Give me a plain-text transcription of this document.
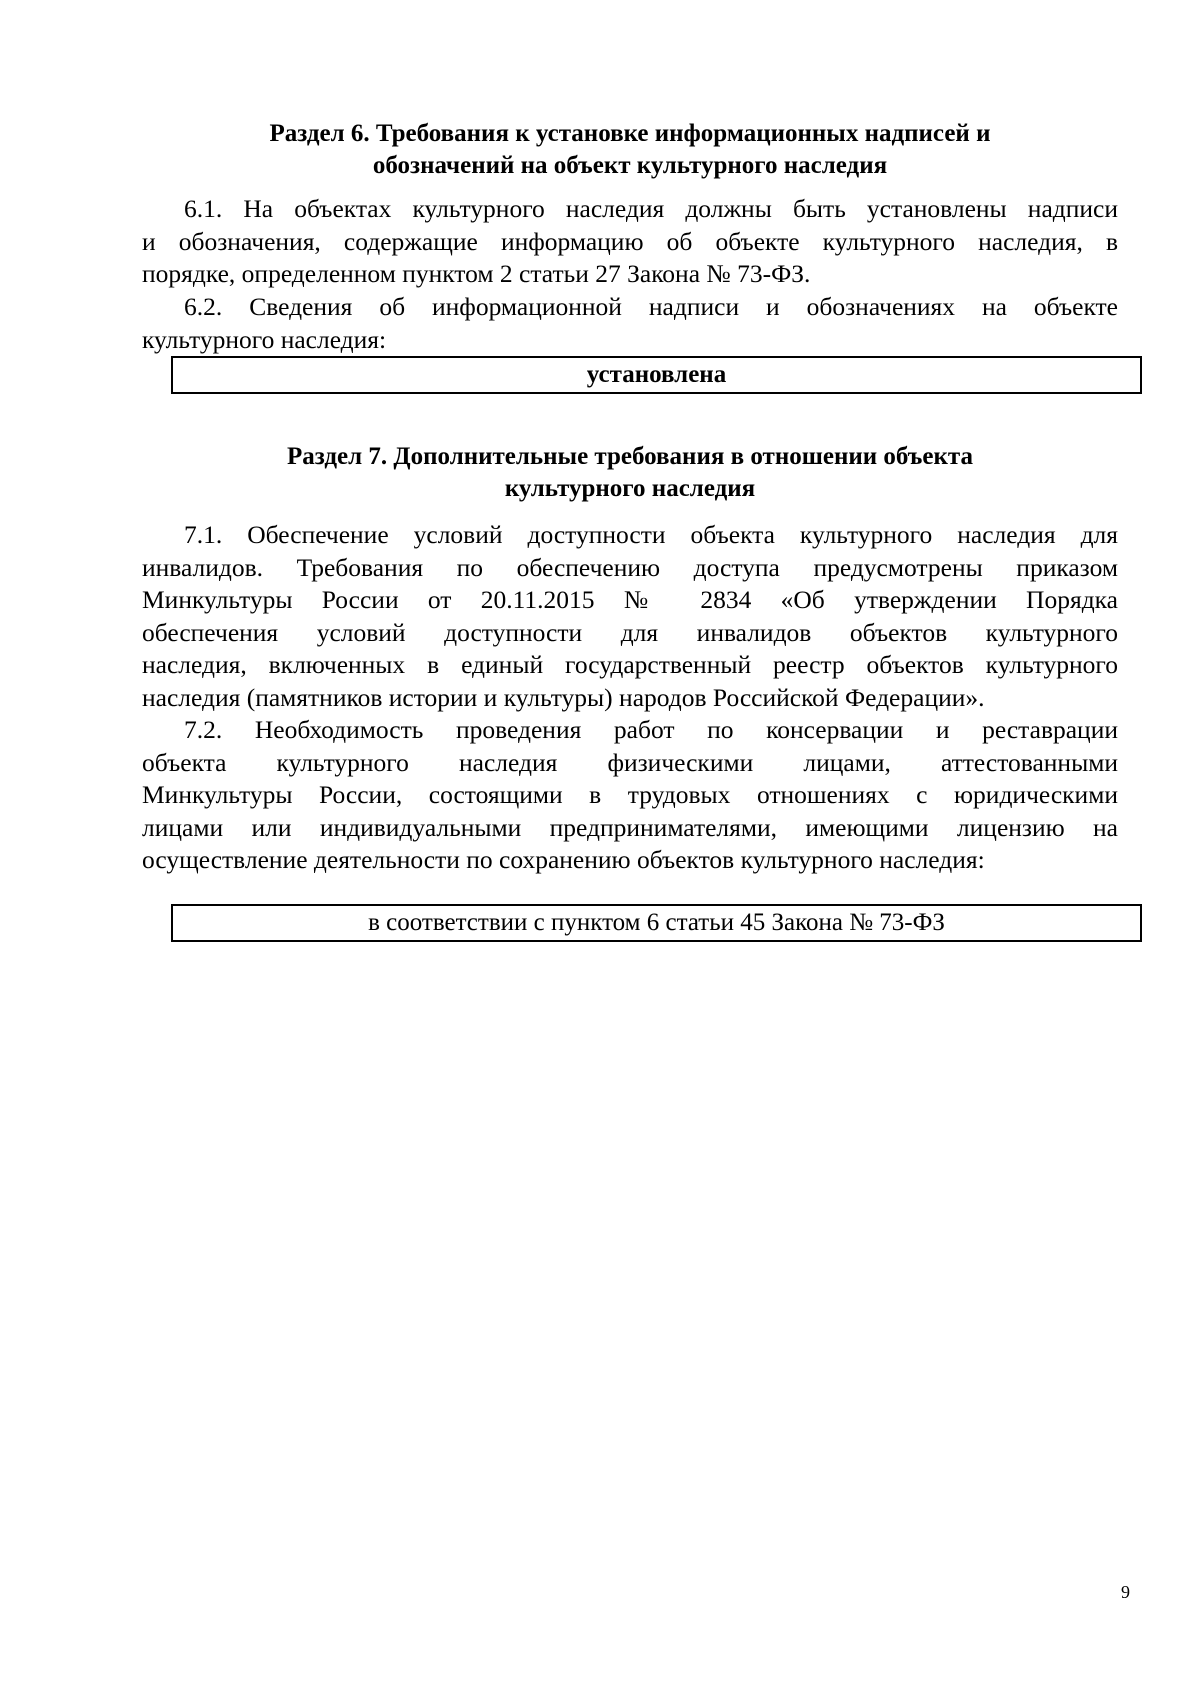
Раздел 6. Требования к установке информационных надписей и
обозначений на объект культурного наследия

6.1. На объектах культурного наследия должны быть установлены надписи
и обозначения, содержащие информацию об объекте культурного наследия, в
порядке, определенном пунктом 2 статьи 27 Закона № 73-ФЗ.

6.2. Сведения об информационной надписи и обозначениях на объекте
культурного наследия:

установлена
Раздел 7. Дополнительные требования в отношении объекта
культурного наследия

7.1. Обеспечение условий доступности объекта культурного наследия для
инвалидов. Требования по обеспечению доступа предусмотрены приказом
Минкультуры России от 20.11.2015 № 2834 «Об утверждении Порядка
обеспечения условий доступности для инвалидов объектов культурного
наследия, включенных в единый государственный реестр объектов культурного
наследия (памятников истории и культуры) народов Российской Федерации».

7.2. Необходимость проведения работ по консервации и реставрации
объекта культурного наследия физическими лицами, аттестованными
Минкультуры России, состоящими в трудовых отношениях с юридическими
лицами или индивидуальными предпринимателями, имеющими лицензию на
осуществление деятельности по сохранению объектов культурного наследия:

в соответствии с пунктом 6 статьи 45 Закона № 73-ФЗ
9
